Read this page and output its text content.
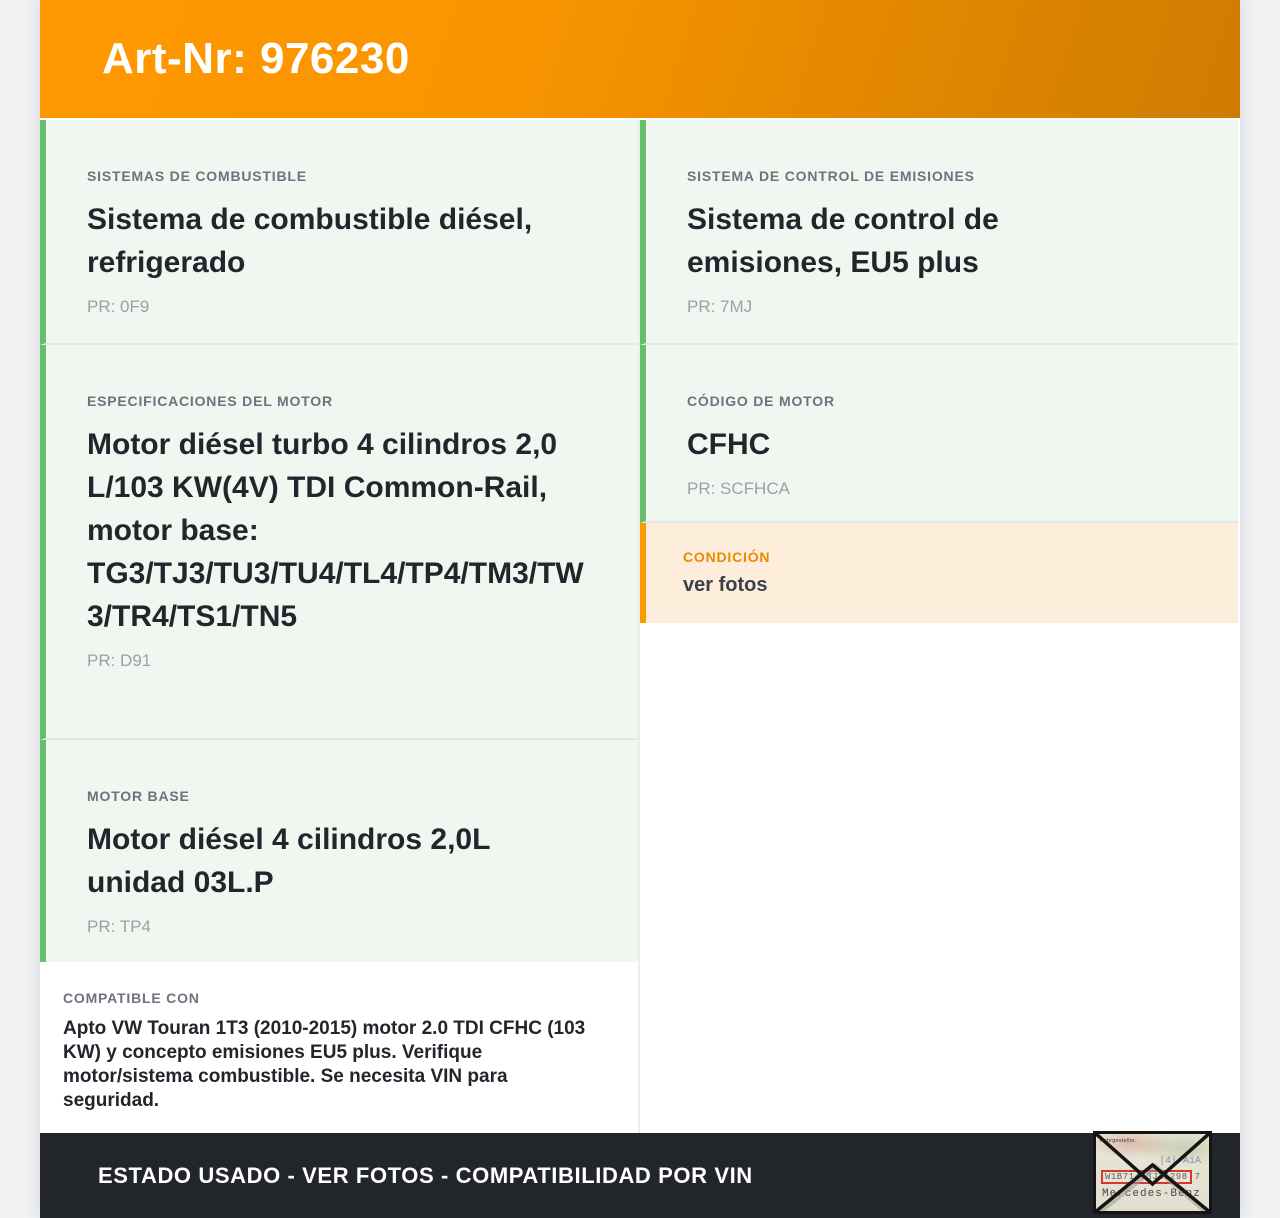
Art-Nr: 976230
SISTEMAS DE COMBUSTIBLE
Sistema de combustible diésel, refrigerado
PR: 0F9
ESPECIFICACIONES DEL MOTOR
Motor diésel turbo 4 cilindros 2,0 L/103 KW(4V) TDI Common-Rail, motor base: TG3/TJ3/TU3/TU4/TL4/TP4/TM3/TW3/TR4/TS1/TN5
PR: D91
MOTOR BASE
Motor diésel 4 cilindros 2,0L unidad 03L.P
PR: TP4
COMPATIBLE CON
Apto VW Touran 1T3 (2010-2015) motor 2.0 TDI CFHC (103 KW) y concepto emisiones EU5 plus. Verifique motor/sistema combustible. Se necesita VIN para seguridad.
SISTEMA DE CONTROL DE EMISIONES
Sistema de control de emisiones, EU5 plus
PR: 7MJ
CÓDIGO DE MOTOR
CFHC
PR: SCFHCA
CONDICIÓN
ver fotos
ESTADO USADO - VER FOTOS - COMPATIBILIDAD POR VIN
Fahrgestellnr.
|4| AiA
W1B71463J31298 7
Mercedes-Benz
